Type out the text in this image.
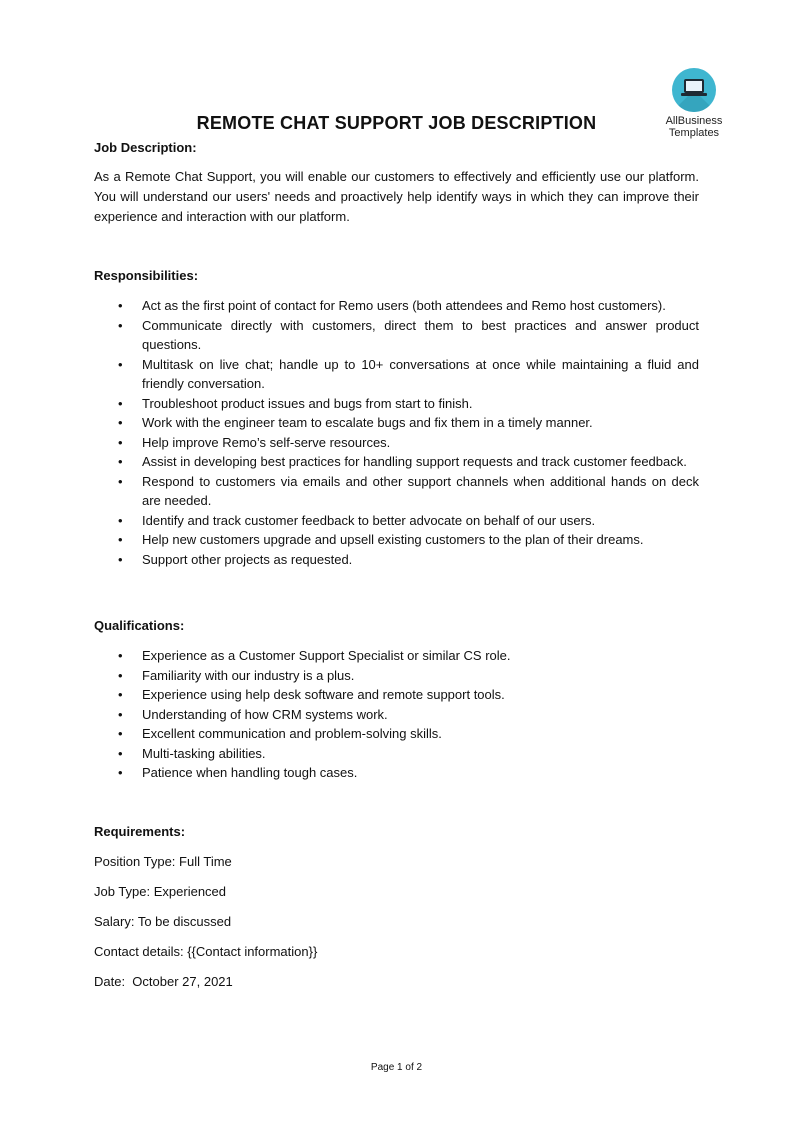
AllBusiness
Templates
REMOTE CHAT SUPPORT JOB DESCRIPTION
Job Description:
As a Remote Chat Support, you will enable our customers to effectively and efficiently use our platform. You will understand our users' needs and proactively help identify ways in which they can improve their experience and interaction with our platform.
Responsibilities:
• Act as the first point of contact for Remo users (both attendees and Remo host customers).
• Communicate directly with customers, direct them to best practices and answer product questions.
• Multitask on live chat; handle up to 10+ conversations at once while maintaining a fluid and friendly conversation.
• Troubleshoot product issues and bugs from start to finish.
• Work with the engineer team to escalate bugs and fix them in a timely manner.
• Help improve Remo’s self-serve resources.
• Assist in developing best practices for handling support requests and track customer feedback.
• Respond to customers via emails and other support channels when additional hands on deck are needed.
• Identify and track customer feedback to better advocate on behalf of our users.
• Help new customers upgrade and upsell existing customers to the plan of their dreams.
• Support other projects as requested.
Qualifications:
• Experience as a Customer Support Specialist or similar CS role.
• Familiarity with our industry is a plus.
• Experience using help desk software and remote support tools.
• Understanding of how CRM systems work.
• Excellent communication and problem-solving skills.
• Multi-tasking abilities.
• Patience when handling tough cases.
Requirements:
Position Type: Full Time
Job Type: Experienced
Salary: To be discussed
Contact details: {{Contact information}}
Date:  October 27, 2021
Page 1 of 2
